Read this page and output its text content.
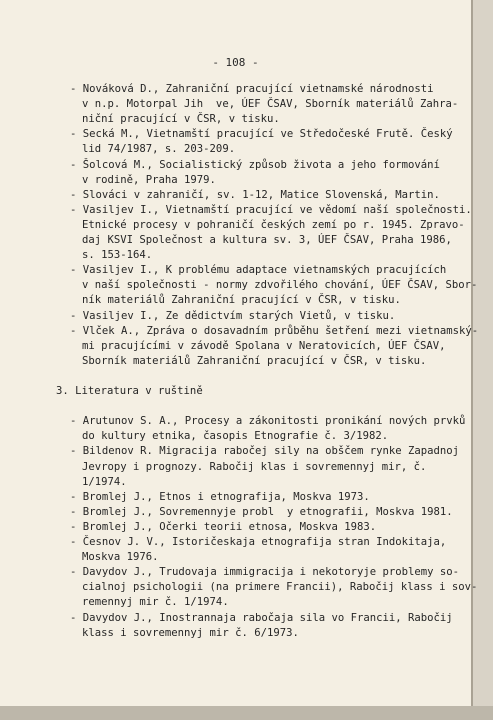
- 108 -
- Nováková D., Zahraniční pracující vietnamské národnosti
v n.p. Motorpal Jih  ve, ÚEF ČSAV, Sborník materiálů Zahra-
niční pracující v ČSR, v tisku.
- Secká M., Vietnamští pracující ve Středočeské Frutě. Český
lid 74/1987, s. 203-209.
- Šolcová M., Socialistický způsob života a jeho formování
v rodině, Praha 1979.
- Slováci v zahraničí, sv. 1-12, Matice Slovenská, Martin.
- Vasiljev I., Vietnamští pracující ve vědomí naší společnosti.
Etnické procesy v pohraničí českých zemí po r. 1945. Zpravo-
daj KSVI Společnost a kultura sv. 3, ÚEF ČSAV, Praha 1986,
s. 153-164.
- Vasiljev I., K problému adaptace vietnamských pracujících
v naší společnosti - normy zdvořilého chování, ÚEF ČSAV, Sbor-
ník materiálů Zahraniční pracující v ČSR, v tisku.
- Vasiljev I., Ze dědictvím starých Vietů, v tisku.
- Vlček A., Zpráva o dosavadním průběhu šetření mezi vietnamský-
mi pracujícími v závodě Spolana v Neratovicích, ÚEF ČSAV,
Sborník materiálů Zahraniční pracující v ČSR, v tisku.
3. Literatura v ruštině
- Arutunov S. A., Procesy a zákonitosti pronikání nových prvků
do kultury etnika, časopis Etnografie č. 3/1982.
- Bildenov R. Migracija rabočej sily na obščem rynke Zapadnoj
Jevropy i prognozy. Rabočij klas i sovremennyj mir, č.
1/1974.
- Bromlej J., Etnos i etnografija, Moskva 1973.
- Bromlej J., Sovremennyje probl  y etnografii, Moskva 1981.
- Bromlej J., Očerki teorii etnosa, Moskva 1983.
- Česnov J. V., Istoričeskaja etnografija stran Indokitaja,
Moskva 1976.
- Davydov J., Trudovaja immigracija i nekotoryje problemy so-
cialnoj psichologii (na primere Francii), Rabočij klass i sov-
remennyj mir č. 1/1974.
- Davydov J., Inostrannaja rabočaja sila vo Francii, Rabočij
klass i sovremennyj mir č. 6/1973.
